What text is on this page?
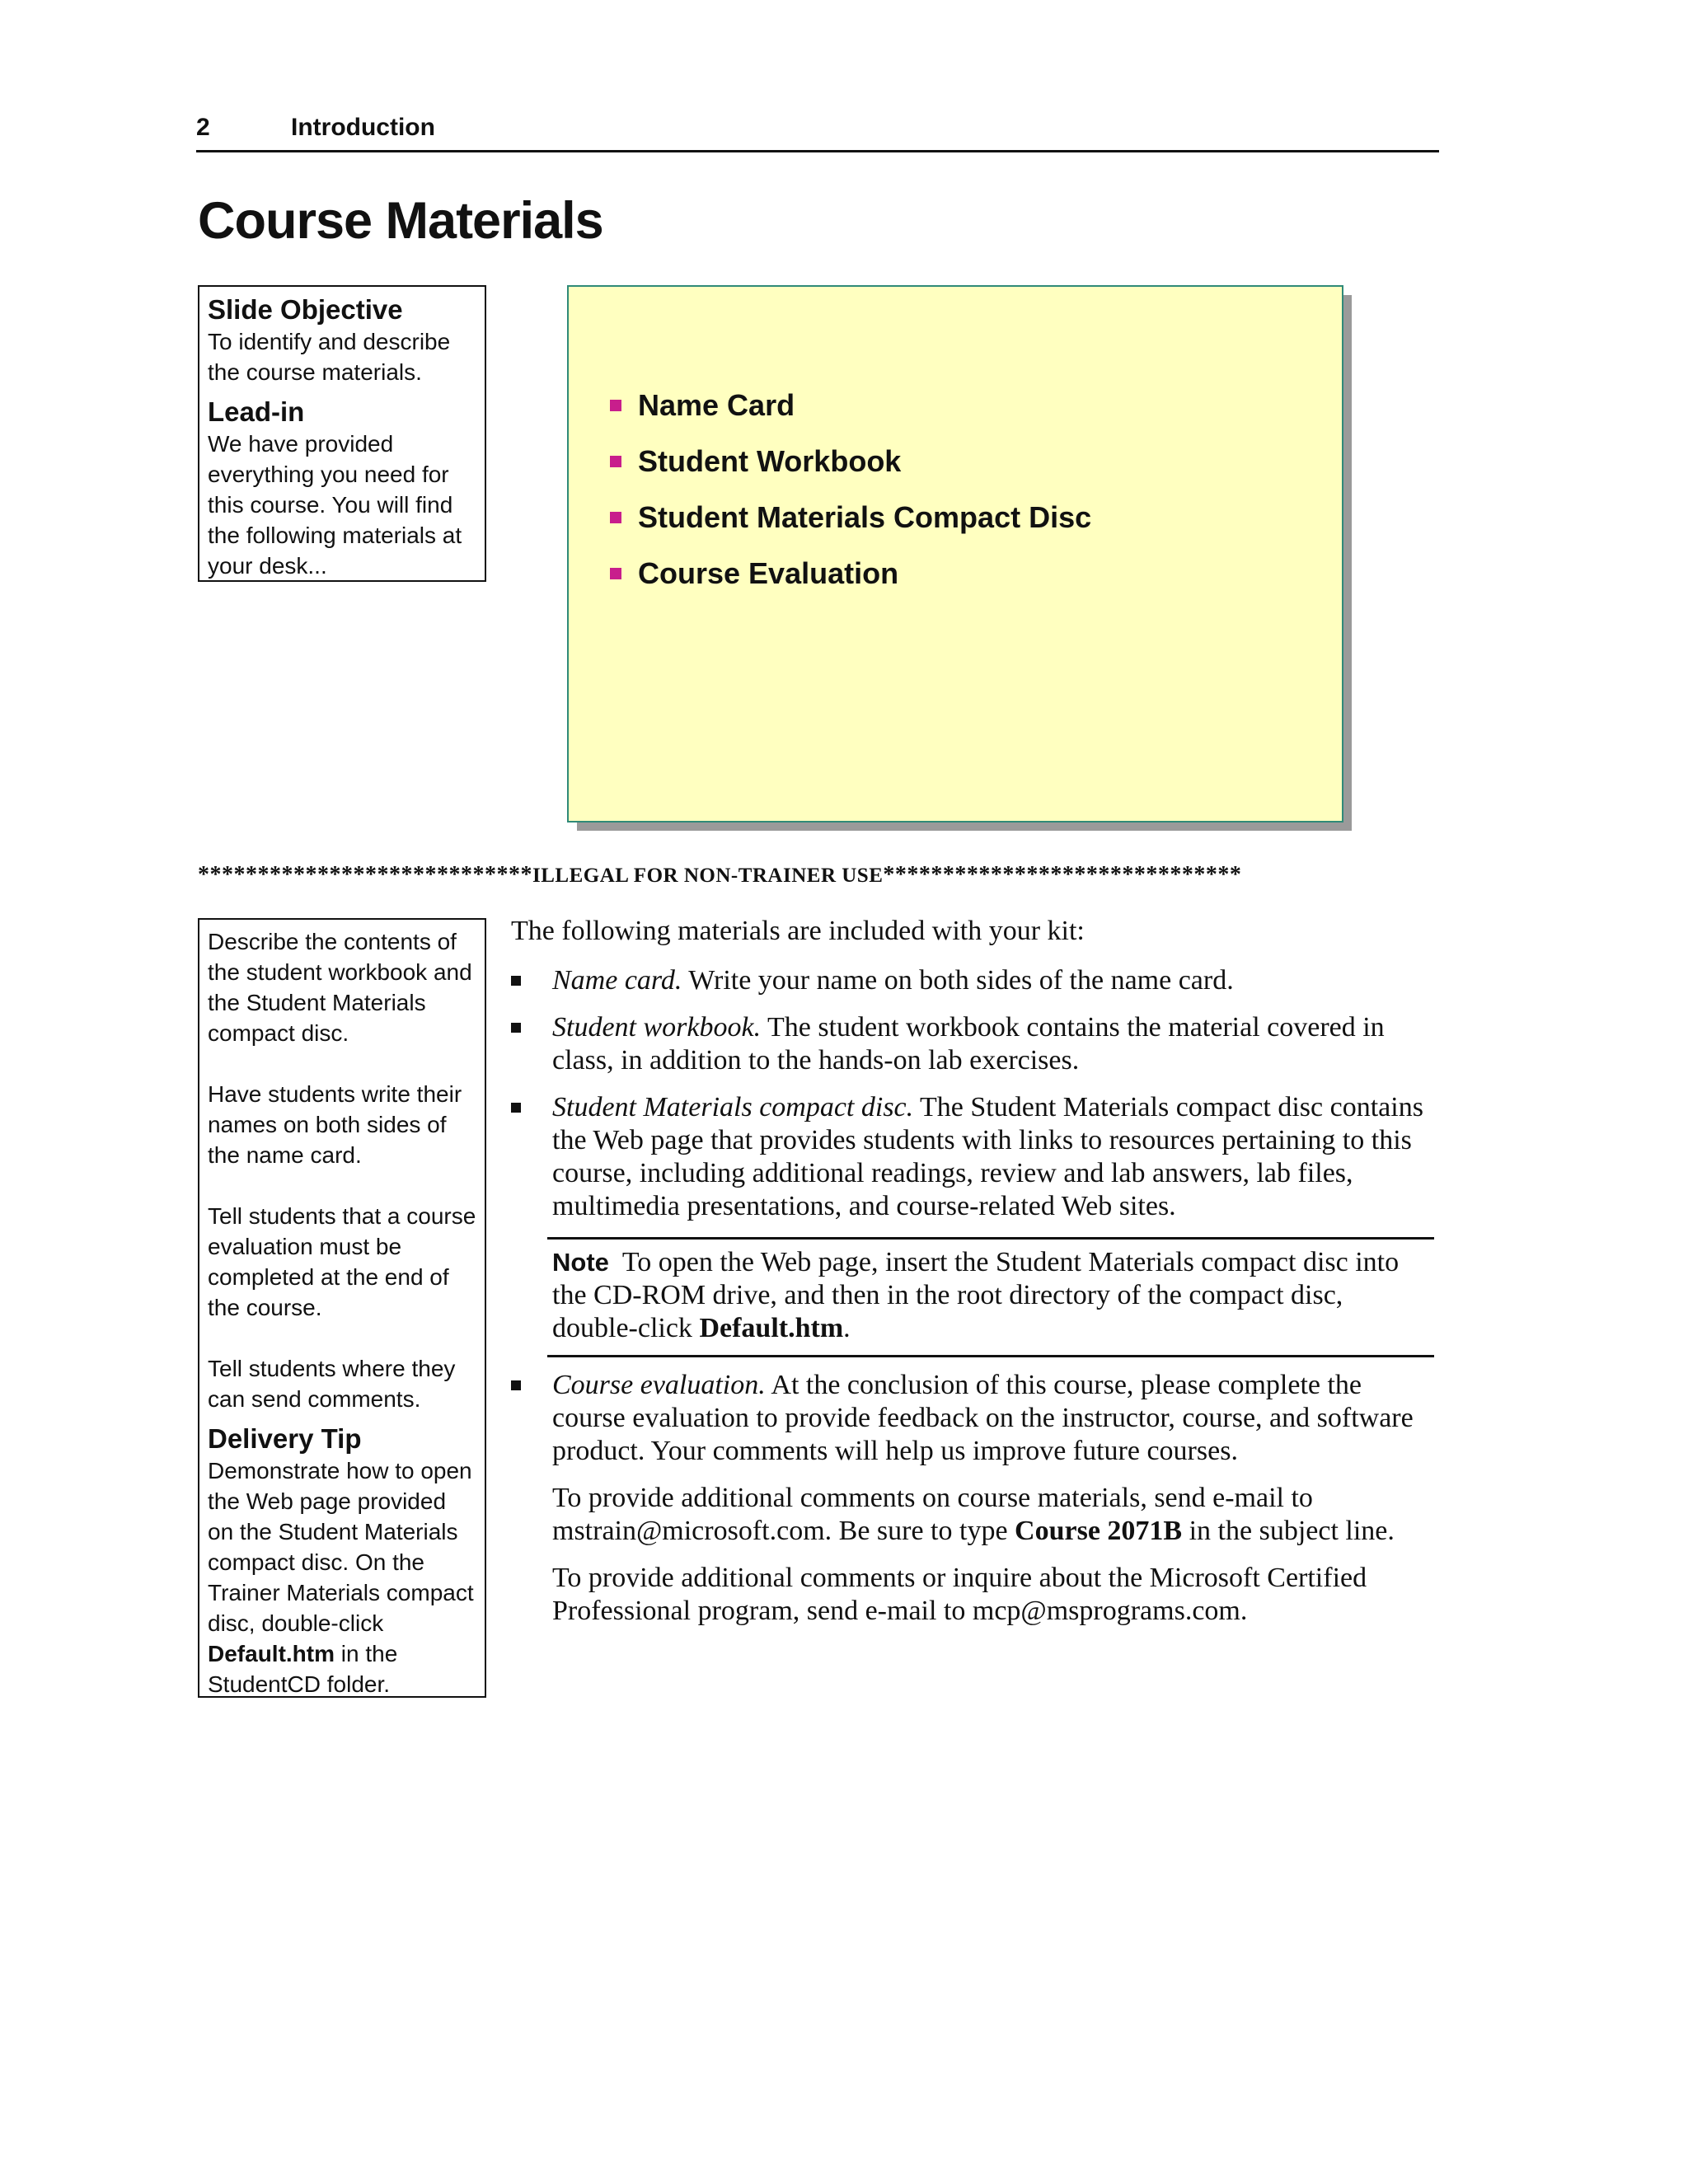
2	Introduction
Course Materials
Slide Objective
To identify and describe the course materials.
Lead-in
We have provided everything you need for this course. You will find the following materials at your desk...
Name Card
Student Workbook
Student Materials Compact Disc
Course Evaluation
****************************ILLEGAL FOR NON-TRAINER USE******************************
Describe the contents of the student workbook and the Student Materials compact disc.
Have students write their names on both sides of the name card.
Tell students that a course evaluation must be completed at the end of the course.
Tell students where they can send comments.
Delivery Tip
Demonstrate how to open the Web page provided on the Student Materials compact disc. On the Trainer Materials compact disc, double-click Default.htm in the StudentCD folder.

The following materials are included with your kit:

Name card. Write your name on both sides of the name card.
Student workbook. The student workbook contains the material covered in class, in addition to the hands-on lab exercises.
Student Materials compact disc. The Student Materials compact disc contains the Web page that provides students with links to resources pertaining to this course, including additional readings, review and lab answers, lab files, multimedia presentations, and course-related Web sites.
Note To open the Web page, insert the Student Materials compact disc into the CD-ROM drive, and then in the root directory of the compact disc, double-click Default.htm.
Course evaluation. At the conclusion of this course, please complete the course evaluation to provide feedback on the instructor, course, and software product. Your comments will help us improve future courses.

To provide additional comments on course materials, send e-mail to mstrain@microsoft.com. Be sure to type Course 2071B in the subject line.

To provide additional comments or inquire about the Microsoft Certified Professional program, send e-mail to mcp@msprograms.com.
